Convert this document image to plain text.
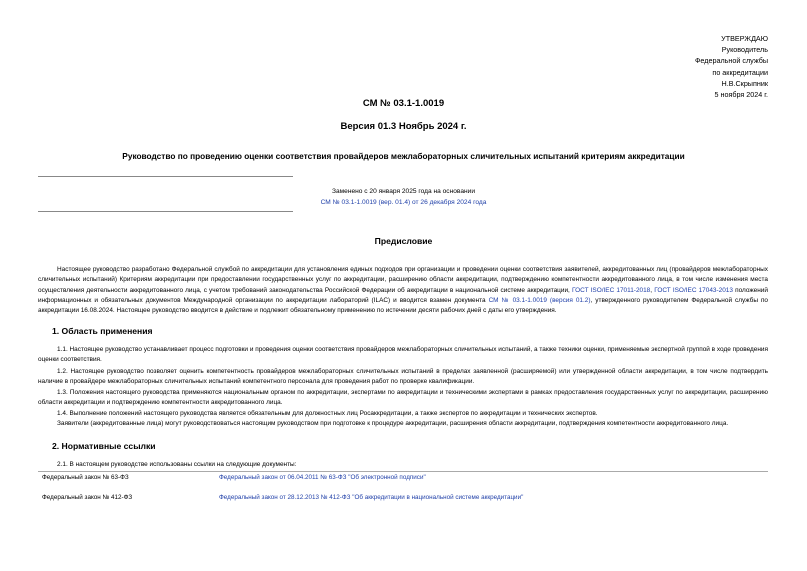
УТВЕРЖДАЮ
Руководитель
Федеральной службы
по аккредитации
Н.В.Скрыпник
5 ноября 2024 г.
СМ № 03.1-1.0019
Версия 01.3 Ноябрь 2024 г.
Руководство по проведению оценки соответствия провайдеров межлабораторных сличительных испытаний критериям аккредитации
Заменено с 20 января 2025 года на основании
СМ № 03.1-1.0019 (вер. 01.4) от 26 декабря 2024 года
Предисловие
Настоящее руководство разработано Федеральной службой по аккредитации для установления единых подходов при организации и проведении оценки соответствия заявителей, аккредитованных лиц (провайдеров межлабораторных сличительных испытаний) Критериям аккредитации при предоставлении государственных услуг по аккредитации, расширению области аккредитации, подтверждению компетентности аккредитованного лица, в том числе изменения места осуществления деятельности аккредитованного лица, с учетом требований законодательства Российской Федерации об аккредитации в национальной системе аккредитации, ГОСТ ISO/IEC 17011-2018, ГОСТ ISO/IEC 17043-2013 положений информационных и обязательных документов Международной организации по аккредитации лабораторий (ILAC) и вводится взамен документа СМ № 03.1-1.0019 (версия 01.2), утвержденного руководителем Федеральной службы по аккредитации 16.08.2024. Настоящее руководство вводится в действие и подлежит обязательному применению по истечении десяти рабочих дней с даты его утверждения.
1. Область применения
1.1. Настоящее руководство устанавливает процесс подготовки и проведения оценки соответствия провайдеров межлабораторных сличительных испытаний, а также техники оценки, применяемые экспертной группой в ходе проведения оценки соответствия.
1.2. Настоящее руководство позволяет оценить компетентность провайдеров межлабораторных сличительных испытаний в пределах заявленной (расширяемой) или утвержденной области аккредитации, в том числе подтвердить наличие в провайдере межлабораторных сличительных испытаний компетентного персонала для проведения работ по проверке квалификации.
1.3. Положения настоящего руководства применяются национальным органом по аккредитации, экспертами по аккредитации и техническими экспертами в рамках предоставления государственных услуг по аккредитации, расширению области аккредитации и подтверждению компетентности аккредитованного лица.
1.4. Выполнение положений настоящего руководства является обязательным для должностных лиц Росаккредитации, а также экспертов по аккредитации и технических экспертов.
Заявители (аккредитованные лица) могут руководствоваться настоящим руководством при подготовке к процедуре аккредитации, расширения области аккредитации, подтверждения компетентности аккредитованного лица.
2. Нормативные ссылки
2.1. В настоящем руководстве использованы ссылки на следующие документы:
Федеральный закон № 63-ФЗ	Федеральный закон от 06.04.2011 № 63-ФЗ "Об электронной подписи"
Федеральный закон № 412-ФЗ	Федеральный закон от 28.12.2013 № 412-ФЗ "Об аккредитации в национальной системе аккредитации"
